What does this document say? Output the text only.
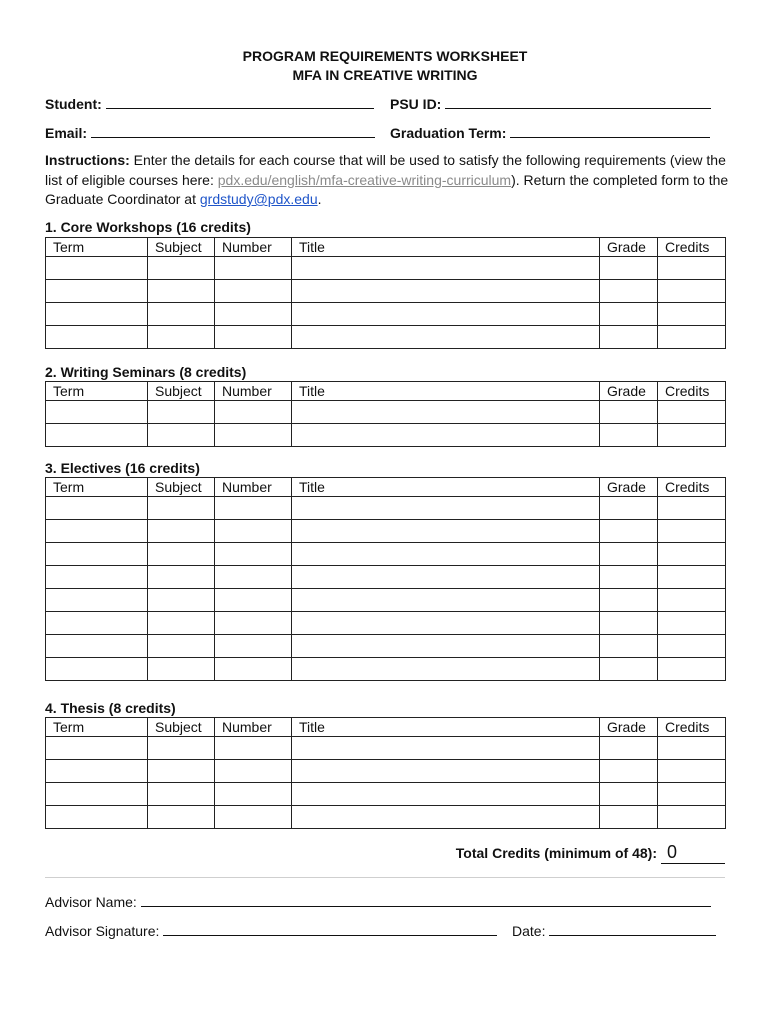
PROGRAM REQUIREMENTS WORKSHEET
MFA IN CREATIVE WRITING
Student:	PSU ID:
Email:	Graduation Term:
Instructions: Enter the details for each course that will be used to satisfy the following requirements (view the list of eligible courses here: pdx.edu/english/mfa-creative-writing-curriculum). Return the completed form to the Graduate Coordinator at grdstudy@pdx.edu.
1. Core Workshops (16 credits)
Term	Subject	Number	Title	Grade	Credits

2. Writing Seminars (8 credits)
Term	Subject	Number	Title	Grade	Credits

3. Electives (16 credits)
Term	Subject	Number	Title	Grade	Credits

4. Thesis (8 credits)
Term	Subject	Number	Title	Grade	Credits

Total Credits (minimum of 48): 0
Advisor Name:
Advisor Signature:	Date:
